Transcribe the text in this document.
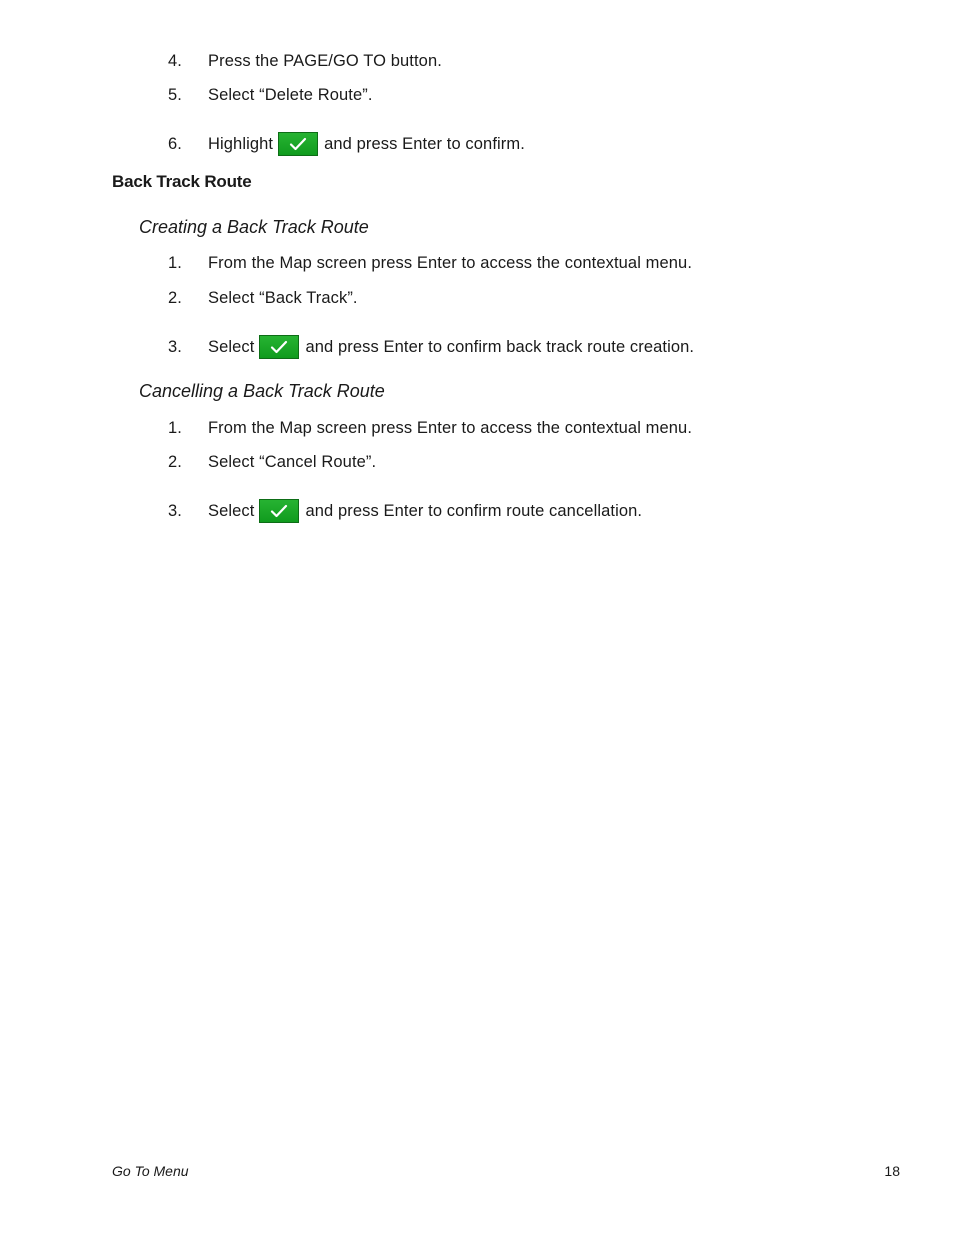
4.	Press the PAGE/GO TO button.
5.	Select “Delete Route”.
6.	Highlight	and press Enter to confirm.
Back Track Route
Creating a Back Track Route
1.	From the Map screen press Enter to access the contextual menu.
2.	Select “Back Track”.
3.	Select	and press Enter to confirm back track route creation.
Cancelling a Back Track Route
1.	From the Map screen press Enter to access the contextual menu.
2.	Select “Cancel Route”.
3.	Select	and press Enter to confirm route cancellation.
Go To Menu	18
